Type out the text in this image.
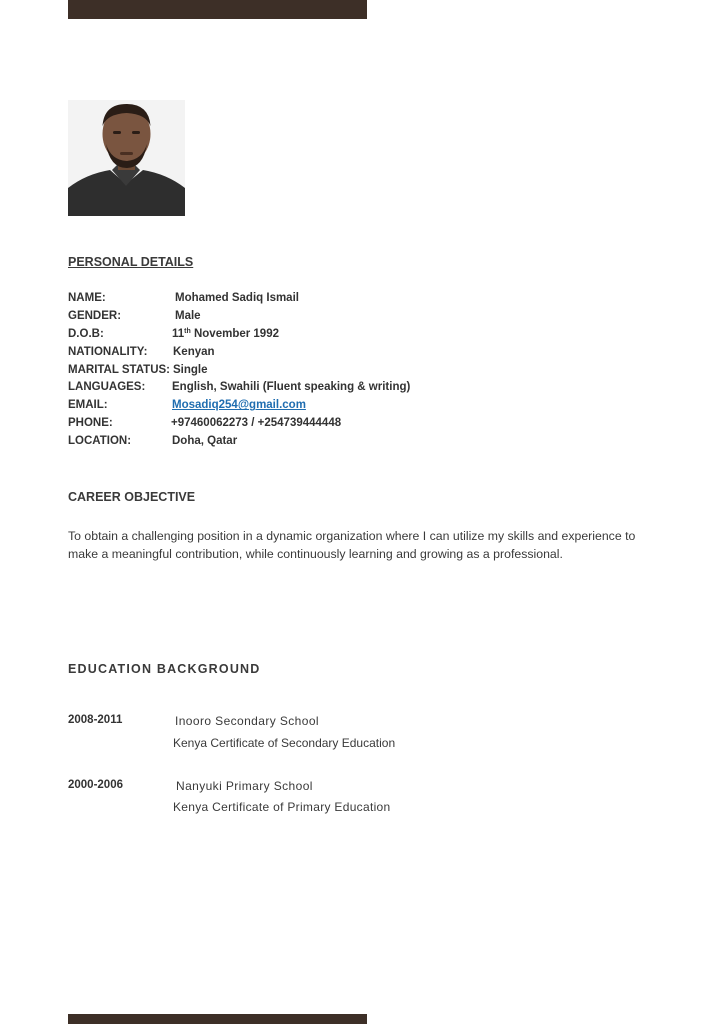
PERSONAL DETAILS
NAME:	Mohamed Sadiq Ismail
GENDER:	Male
D.O.B:	11th November 1992
NATIONALITY: Kenyan
MARITAL STATUS: Single
LANGUAGES: English, Swahili (Fluent speaking & writing)
EMAIL:	Mosadiq254@gmail.com
PHONE:	+97460062273 / +254739444448
LOCATION:	Doha, Qatar
CAREER OBJECTIVE

To obtain a challenging position in a dynamic organization where I can utilize my skills and experience to make a meaningful contribution, while continuously learning and growing as a professional.

EDUCATION BACKGROUND
2008-2011	Inooro Secondary School
Kenya Certificate of Secondary Education
2000-2006	Nanyuki Primary School
Kenya Certificate of Primary Education
